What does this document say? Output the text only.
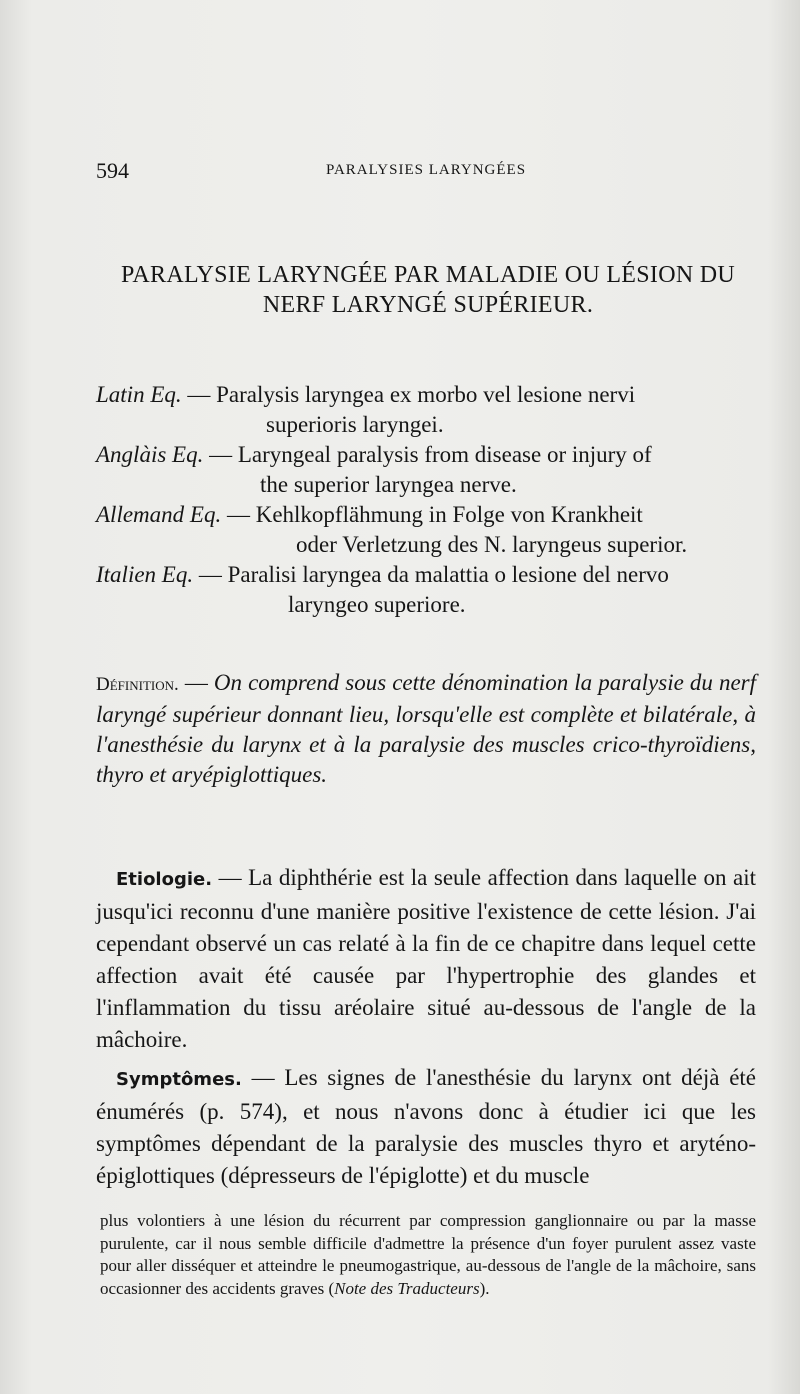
594	PARALYSIES LARYNGÉES
PARALYSIE LARYNGÉE PAR MALADIE OU LÉSION DU
NERF LARYNGÉ SUPÉRIEUR.
Latin Eq. — Paralysis laryngea ex morbo vel lesione nervi
superioris laryngei.
Anglàis Eq. — Laryngeal paralysis from disease or injury of
the superior laryngea nerve.
Allemand Eq. — Kehlkopflähmung in Folge von Krankheit
oder Verletzung des N. laryngeus superior.
Italien Eq. — Paralisi laryngea da malattia o lesione del nervo
laryngeo superiore.
Définition. — On comprend sous cette dénomination la paralysie du nerf laryngé supérieur donnant lieu, lorsqu'elle est complète et bilatérale, à l'anesthésie du larynx et à la paralysie des muscles crico-thyroïdiens, thyro et aryépiglottiques.

Etiologie. — La diphthérie est la seule affection dans laquelle on ait jusqu'ici reconnu d'une manière positive l'existence de cette lésion. J'ai cependant observé un cas relaté à la fin de ce chapitre dans lequel cette affection avait été causée par l'hypertrophie des glandes et l'inflammation du tissu aréolaire situé au-dessous de l'angle de la mâchoire.

Symptômes. — Les signes de l'anesthésie du larynx ont déjà été énumérés (p. 574), et nous n'avons donc à étudier ici que les symptômes dépendant de la paralysie des muscles thyro et aryténo-épiglottiques (dépresseurs de l'épiglotte) et du muscle

plus volontiers à une lésion du récurrent par compression ganglionnaire ou par la masse purulente, car il nous semble difficile d'admettre la présence d'un foyer purulent assez vaste pour aller disséquer et atteindre le pneumogastrique, au-dessous de l'angle de la mâchoire, sans occasionner des accidents graves (Note des Traducteurs).
